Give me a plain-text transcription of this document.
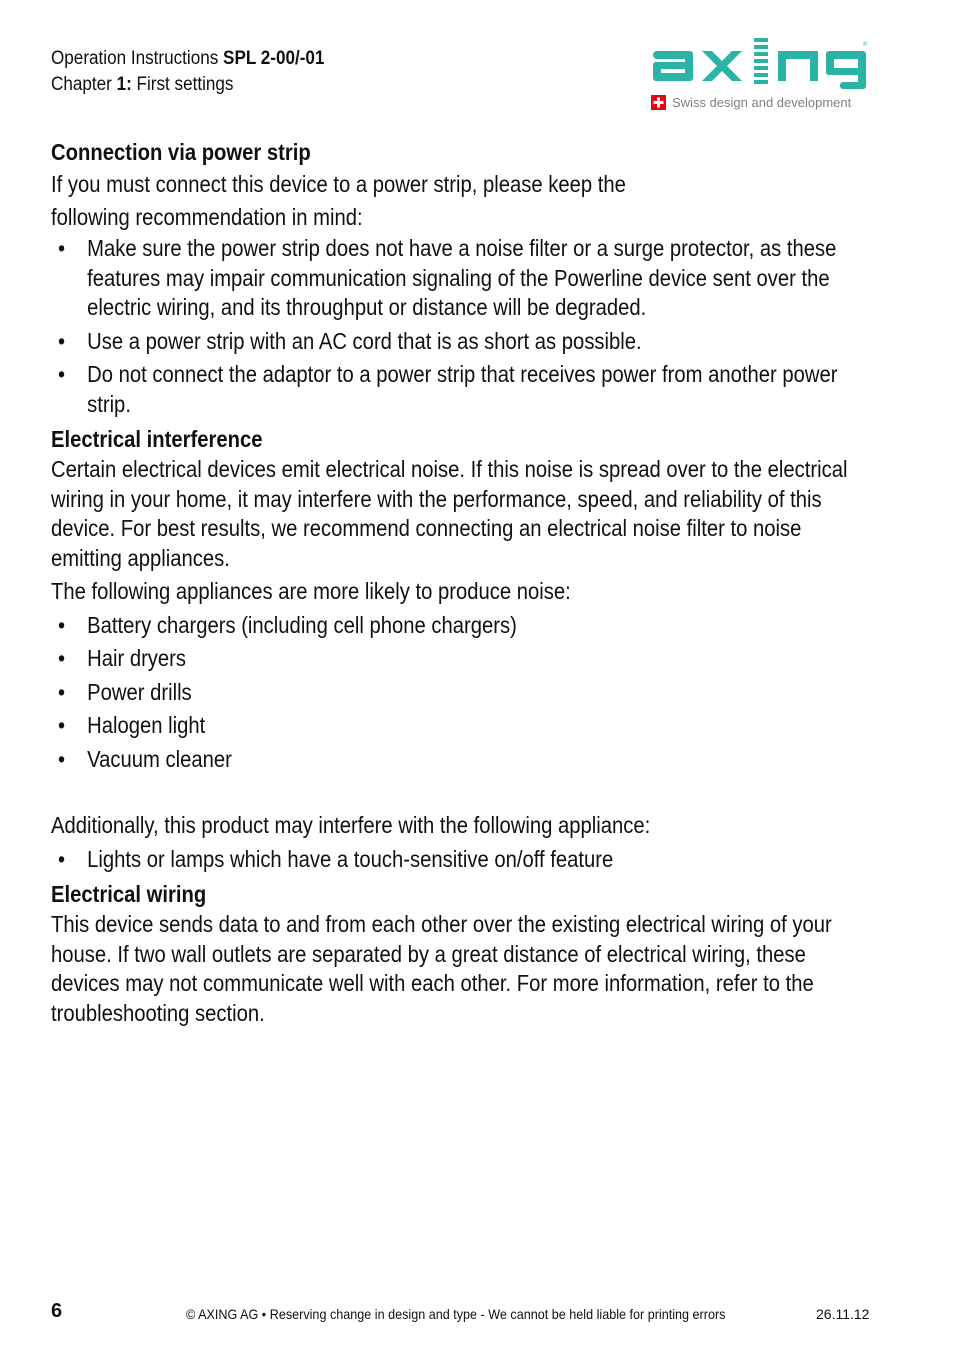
Operation Instructions SPL 2-00/-01
Chapter 1: First settings
®
Swiss design and development
Connection via power strip

If you must connect this device to a power strip, please keep the

following recommendation in mind:

• Make sure the power strip does not have a noise filter or a surge protector, as these features may impair communication signaling of the Powerline device sent over the electric wiring, and its throughput or distance will be degraded.
• Use a power strip with an AC cord that is as short as possible.
• Do not connect the adaptor to a power strip that receives power from another power strip.
Electrical interference

Certain electrical devices emit electrical noise. If this noise is spread over to the electrical wiring in your home, it may interfere with the performance, speed, and reliability of this device. For best results, we recommend connecting an electrical noise filter to noise emitting appliances.

The following appliances are more likely to produce noise:

• Battery chargers (including cell phone chargers)
• Hair dryers
• Power drills
• Halogen light
• Vacuum cleaner

Additionally, this product may interfere with the following appliance:

• Lights or lamps which have a touch-sensitive on/off feature
Electrical wiring

This device sends data to and from each other over the existing electrical wiring of your house. If two wall outlets are separated by a great distance of electrical wiring, these devices may not communicate well with each other. For more information, refer to the troubleshooting section.

6	© AXING AG • Reserving change in design and type - We cannot be held liable for printing errors	26.11.12
